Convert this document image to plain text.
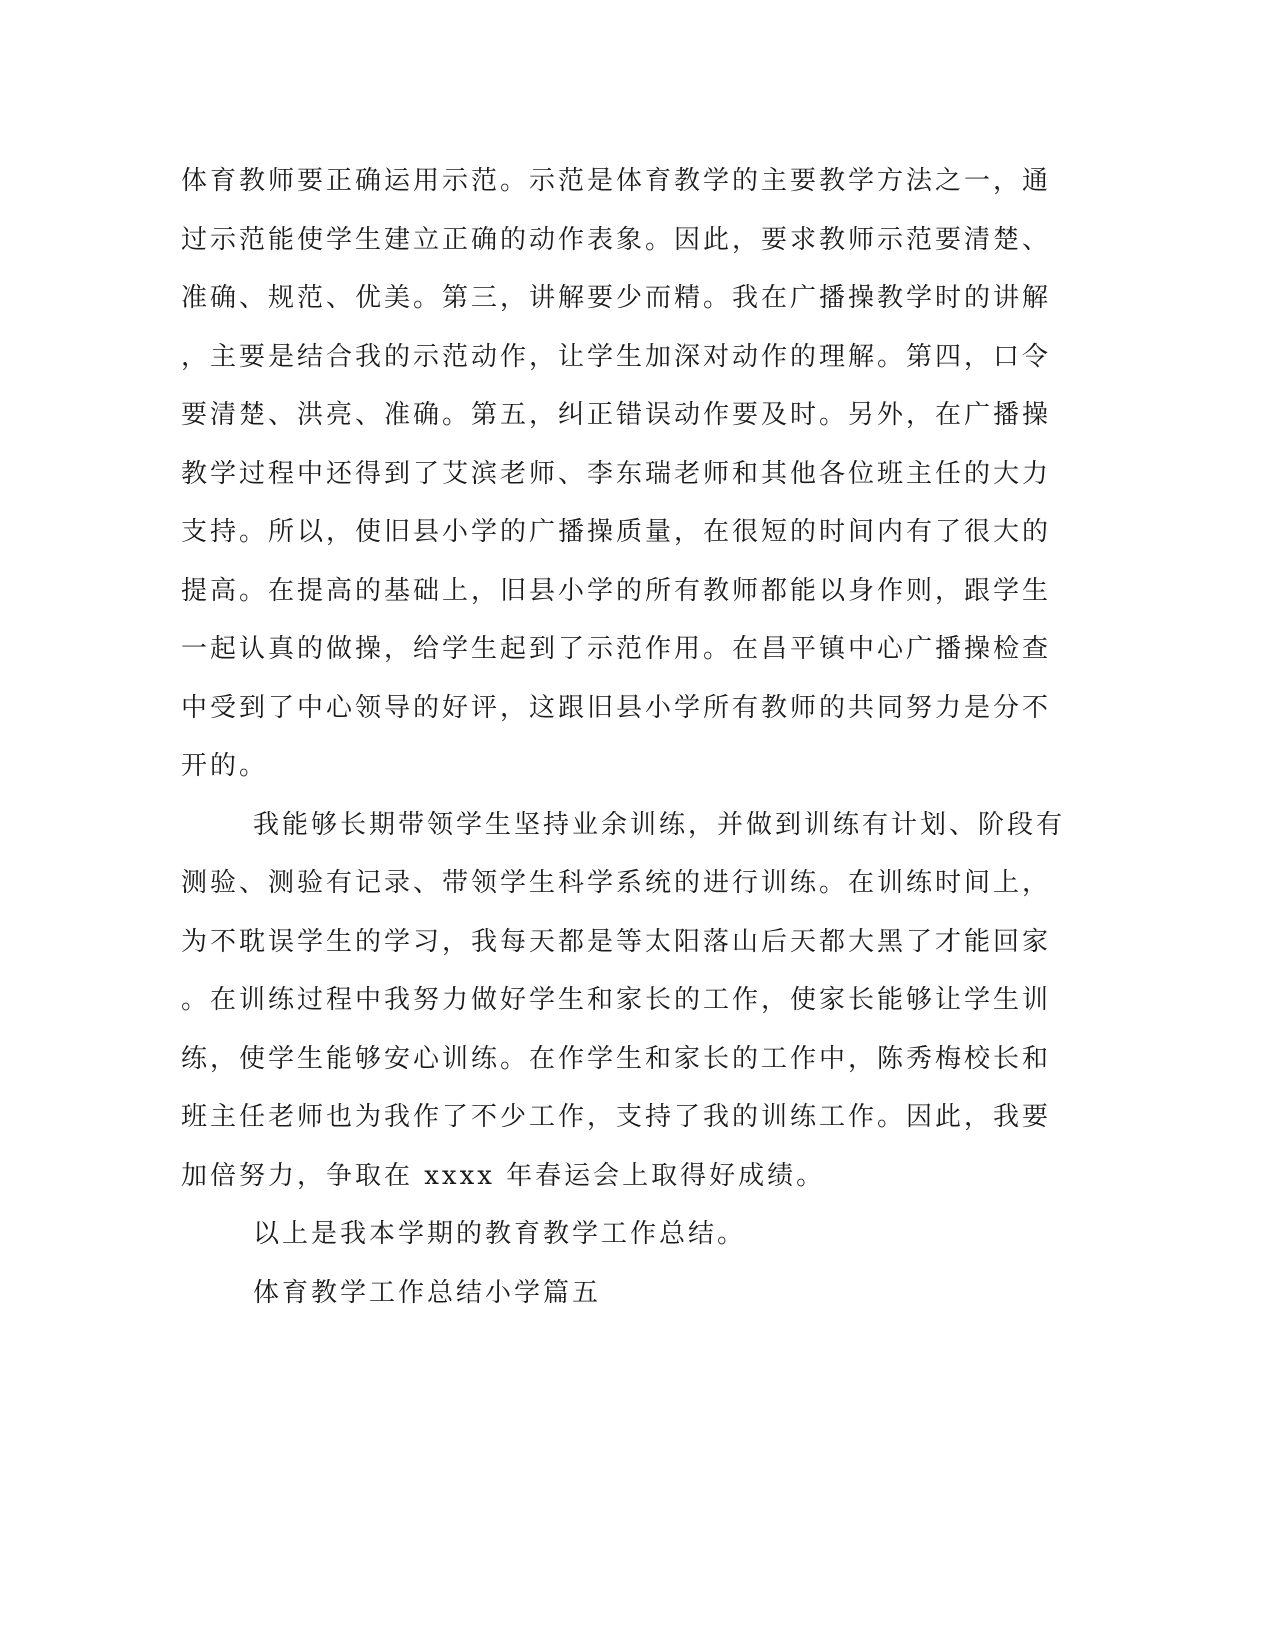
体育教师要正确运用示范。示范是体育教学的主要教学方法之一，通
过示范能使学生建立正确的动作表象。因此，要求教师示范要清楚、
准确、规范、优美。第三，讲解要少而精。我在广播操教学时的讲解
，主要是结合我的示范动作，让学生加深对动作的理解。第四，口令
要清楚、洪亮、准确。第五，纠正错误动作要及时。另外，在广播操
教学过程中还得到了艾滨老师、李东瑞老师和其他各位班主任的大力
支持。所以，使旧县小学的广播操质量，在很短的时间内有了很大的
提高。在提高的基础上，旧县小学的所有教师都能以身作则，跟学生
一起认真的做操，给学生起到了示范作用。在昌平镇中心广播操检查
中受到了中心领导的好评，这跟旧县小学所有教师的共同努力是分不
开的。
我能够长期带领学生坚持业余训练，并做到训练有计划、阶段有
测验、测验有记录、带领学生科学系统的进行训练。在训练时间上，
为不耽误学生的学习，我每天都是等太阳落山后天都大黑了才能回家
。在训练过程中我努力做好学生和家长的工作，使家长能够让学生训
练，使学生能够安心训练。在作学生和家长的工作中，陈秀梅校长和
班主任老师也为我作了不少工作，支持了我的训练工作。因此，我要
加倍努力，争取在 xxxx 年春运会上取得好成绩。
以上是我本学期的教育教学工作总结。
体育教学工作总结小学篇五
